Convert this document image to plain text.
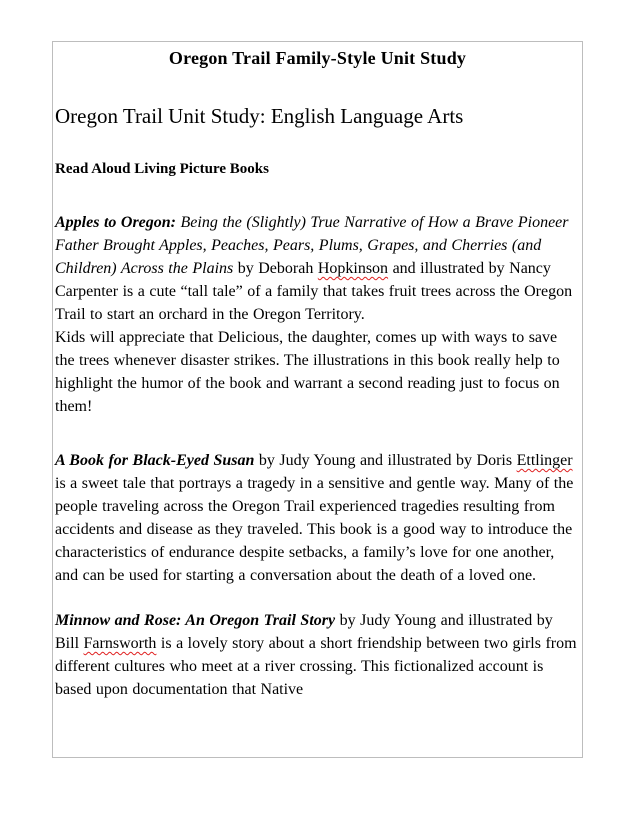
Oregon Trail Family-Style Unit Study
Oregon Trail Unit Study: English Language Arts
Read Aloud Living Picture Books

Apples to Oregon: Being the (Slightly) True Narrative of How a Brave Pioneer Father Brought Apples, Peaches, Pears, Plums, Grapes, and Cherries (and Children) Across the Plains by Deborah Hopkinson and illustrated by Nancy Carpenter is a cute “tall tale” of a family that takes fruit trees across the Oregon Trail to start an orchard in the Oregon Territory.
Kids will appreciate that Delicious, the daughter, comes up with ways to save the trees whenever disaster strikes. The illustrations in this book really help to highlight the humor of the book and warrant a second reading just to focus on them!

A Book for Black-Eyed Susan by Judy Young and illustrated by Doris Ettlinger is a sweet tale that portrays a tragedy in a sensitive and gentle way. Many of the people traveling across the Oregon Trail experienced tragedies resulting from accidents and disease as they traveled. This book is a good way to introduce the characteristics of endurance despite setbacks, a family’s love for one another, and can be used for starting a conversation about the death of a loved one.

Minnow and Rose: An Oregon Trail Story by Judy Young and illustrated by Bill Farnsworth is a lovely story about a short friendship between two girls from different cultures who meet at a river crossing. This fictionalized account is based upon documentation that Native
